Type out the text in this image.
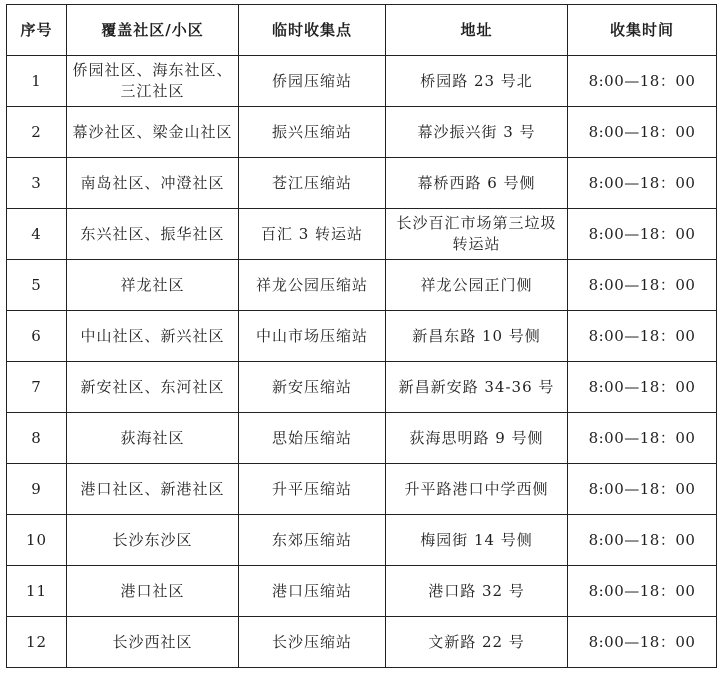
序号	覆盖社区/小区	临时收集点	地址	收集时间
1	侨园社区、海东社区、三江社区	侨园压缩站	桥园路 23 号北	8:00—18：00
2	幕沙社区、梁金山社区	振兴压缩站	幕沙振兴街 3 号	8:00—18：00
3	南岛社区、冲澄社区	苍江压缩站	幕桥西路 6 号侧	8:00—18：00
4	东兴社区、振华社区	百汇 3 转运站	长沙百汇市场第三垃圾转运站	8:00—18：00
5	祥龙社区	祥龙公园压缩站	祥龙公园正门侧	8:00—18：00
6	中山社区、新兴社区	中山市场压缩站	新昌东路 10 号侧	8:00—18：00
7	新安社区、东河社区	新安压缩站	新昌新安路 34-36 号	8:00—18：00
8	荻海社区	思始压缩站	荻海思明路 9 号侧	8:00—18：00
9	港口社区、新港社区	升平压缩站	升平路港口中学西侧	8:00—18：00
10	长沙东沙区	东郊压缩站	梅园街 14 号侧	8:00—18：00
11	港口社区	港口压缩站	港口路 32 号	8:00—18：00
12	长沙西社区	长沙压缩站	文新路 22 号	8:00—18：00
